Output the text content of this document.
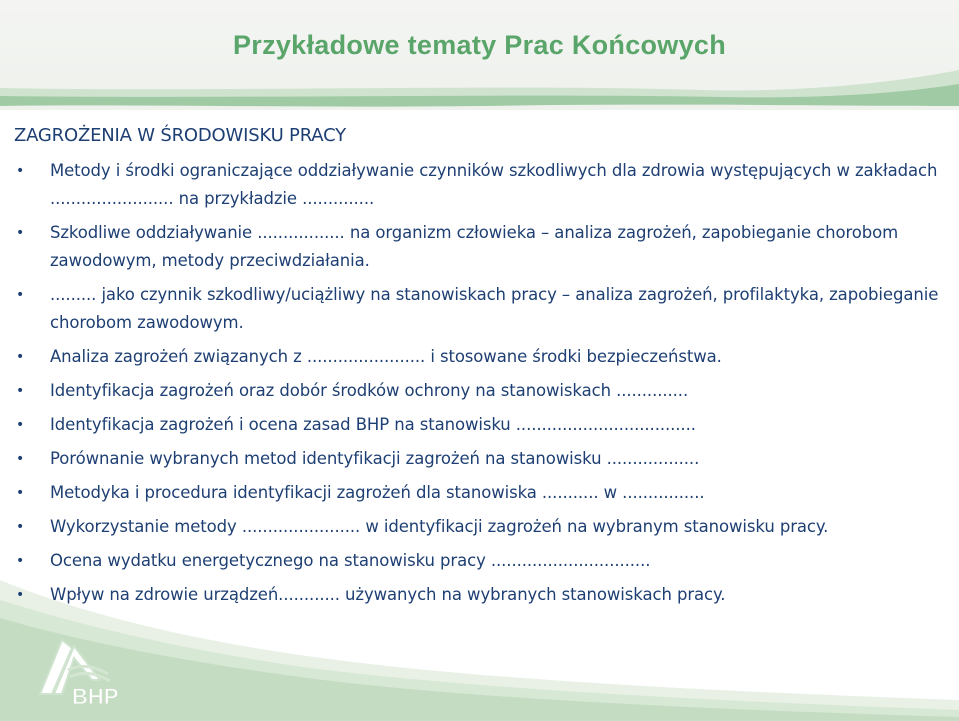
Przykładowe tematy Prac Końcowych
ZAGROŻENIA W ŚRODOWISKU PRACY
• Metody i środki ograniczające oddziaływanie czynników szkodliwych dla zdrowia występujących w zakładach ........................ na przykładzie ..............
• Szkodliwe oddziaływanie ................. na organizm człowieka – analiza zagrożeń, zapobieganie chorobom zawodowym, metody przeciwdziałania.
• ......... jako czynnik szkodliwy/uciążliwy na stanowiskach pracy – analiza zagrożeń, profilaktyka, zapobieganie chorobom zawodowym.
• Analiza zagrożeń związanych z ....................... i stosowane środki bezpieczeństwa.
• Identyfikacja zagrożeń oraz dobór środków ochrony na stanowiskach ..............
• Identyfikacja zagrożeń i ocena zasad BHP na stanowisku ...................................
• Porównanie wybranych metod identyfikacji zagrożeń na stanowisku ..................
• Metodyka i procedura identyfikacji zagrożeń dla stanowiska ........... w ................
• Wykorzystanie metody ....................... w identyfikacji zagrożeń na wybranym stanowisku pracy.
• Ocena wydatku energetycznego na stanowisku pracy ...............................
• Wpływ na zdrowie urządzeń............ używanych na wybranych stanowiskach pracy.
BHP
